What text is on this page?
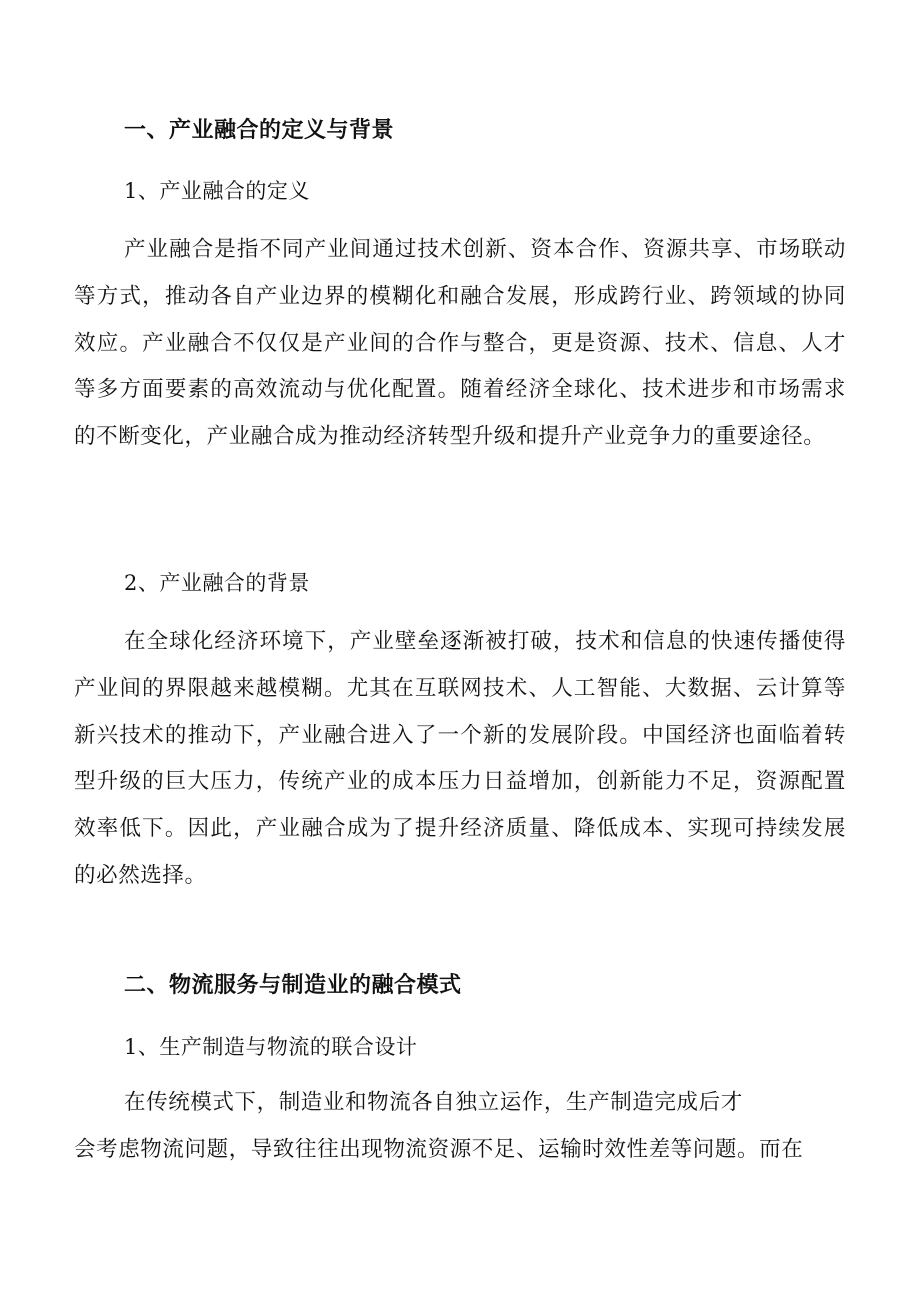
一、产业融合的定义与背景
1、产业融合的定义

产业融合是指不同产业间通过技术创新、资本合作、资源共享、市场联动等方式，推动各自产业边界的模糊化和融合发展，形成跨行业、跨领域的协同效应。产业融合不仅仅是产业间的合作与整合，更是资源、技术、信息、人才等多方面要素的高效流动与优化配置。随着经济全球化、技术进步和市场需求的不断变化，产业融合成为推动经济转型升级和提升产业竞争力的重要途径。

2、产业融合的背景

在全球化经济环境下，产业壁垒逐渐被打破，技术和信息的快速传播使得产业间的界限越来越模糊。尤其在互联网技术、人工智能、大数据、云计算等新兴技术的推动下，产业融合进入了一个新的发展阶段。中国经济也面临着转型升级的巨大压力，传统产业的成本压力日益增加，创新能力不足，资源配置效率低下。因此，产业融合成为了提升经济质量、降低成本、实现可持续发展的必然选择。

二、物流服务与制造业的融合模式
1、生产制造与物流的联合设计
在传统模式下，制造业和物流各自独立运作，生产制造完成后才
会考虑物流问题，导致往往出现物流资源不足、运输时效性差等问题。而在
